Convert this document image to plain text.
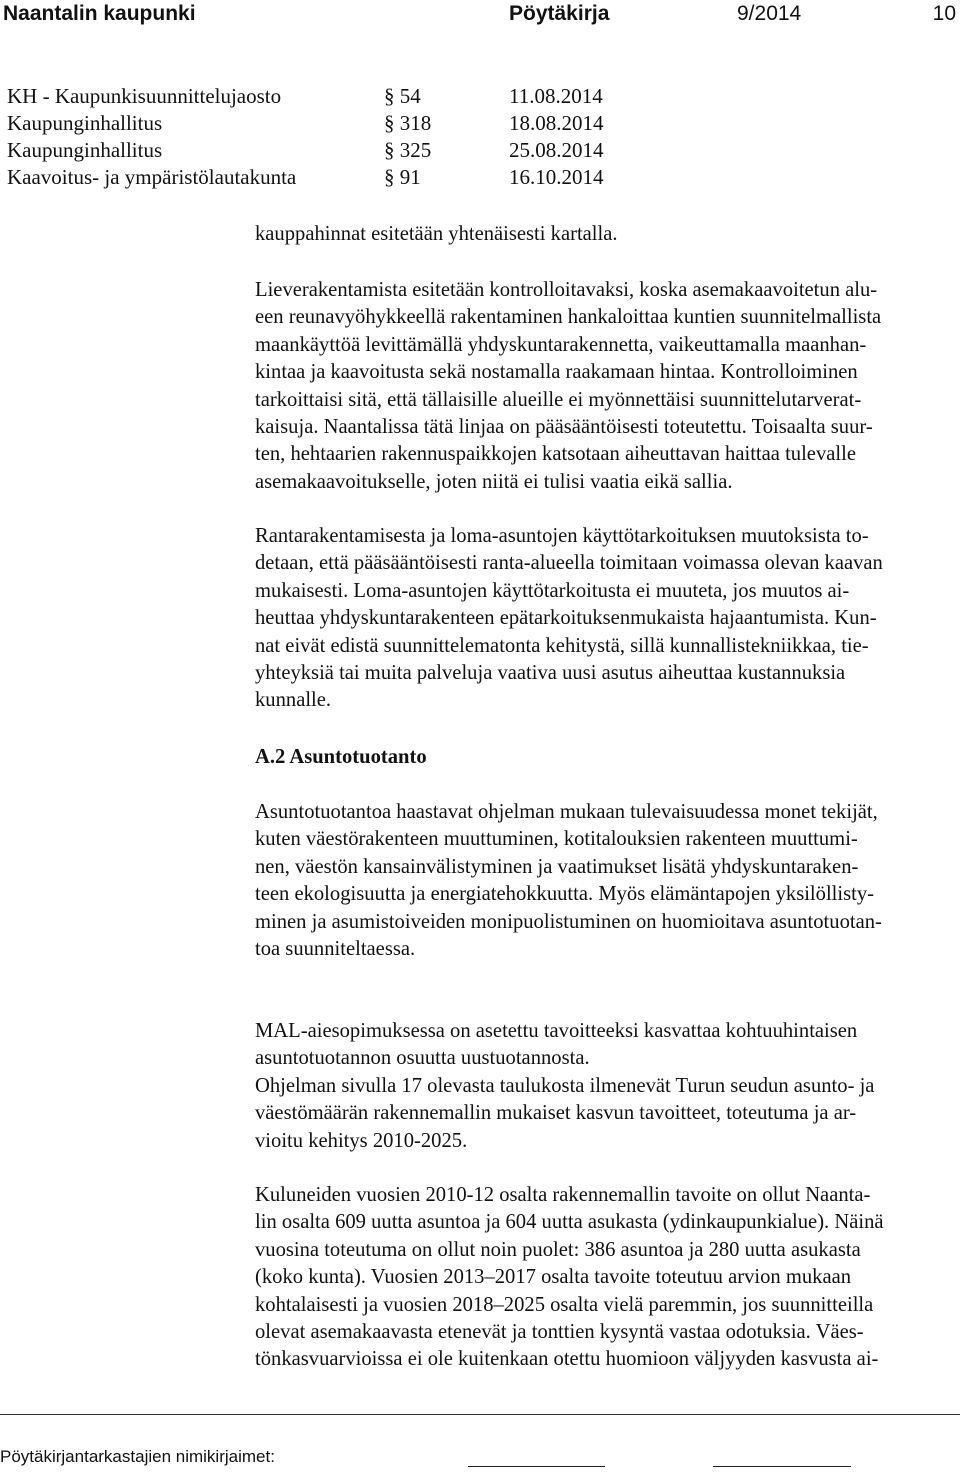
Naantalin kaupunki	Pöytäkirja	9/2014	10
KH - Kaupunkisuunnittelujaosto	§ 54	11.08.2014
Kaupunginhallitus	§ 318	18.08.2014
Kaupunginhallitus	§ 325	25.08.2014
Kaavoitus- ja ympäristölautakunta	§ 91	16.10.2014

kauppahinnat esitetään yhtenäisesti kartalla.

Lieverakentamista esitetään kontrolloitavaksi, koska asemakaavoitetun alu-
een reunavyöhykkeellä rakentaminen hankaloittaa kuntien suunnitelmallista
maankäyttöä levittämällä yhdyskuntarakennetta, vaikeuttamalla maanhan-
kintaa ja kaavoitusta sekä nostamalla raakamaan hintaa. Kontrolloiminen
tarkoittaisi sitä, että tällaisille alueille ei myönnettäisi suunnittelutarverat-
kaisuja. Naantalissa tätä linjaa on pääsääntöisesti toteutettu. Toisaalta suur-
ten, hehtaarien rakennuspaikkojen katsotaan aiheuttavan haittaa tulevalle
asemakaavoitukselle, joten niitä ei tulisi vaatia eikä sallia.

Rantarakentamisesta ja loma-asuntojen käyttötarkoituksen muutoksista to-
detaan, että pääsääntöisesti ranta-alueella toimitaan voimassa olevan kaavan
mukaisesti. Loma-asuntojen käyttötarkoitusta ei muuteta, jos muutos ai-
heuttaa yhdyskuntarakenteen epätarkoituksenmukaista hajaantumista. Kun-
nat eivät edistä suunnittelematonta kehitystä, sillä kunnallistekniikkaa, tie-
yhteyksiä tai muita palveluja vaativa uusi asutus aiheuttaa kustannuksia
kunnalle.

A.2 Asuntotuotanto

Asuntotuotantoa haastavat ohjelman mukaan tulevaisuudessa monet tekijät,
kuten väestörakenteen muuttuminen, kotitalouksien rakenteen muuttumi-
nen, väestön kansainvälistyminen ja vaatimukset lisätä yhdyskuntaraken-
teen ekologisuutta ja energiatehokkuutta. Myös elämäntapojen yksilöllisty-
minen ja asumistoiveiden monipuolistuminen on huomioitava asuntotuotan-
toa suunniteltaessa.

MAL-aiesopimuksessa on asetettu tavoitteeksi kasvattaa kohtuuhintaisen
asuntotuotannon osuutta uustuotannosta.

Ohjelman sivulla 17 olevasta taulukosta ilmenevät Turun seudun asunto- ja
väestömäärän rakennemallin mukaiset kasvun tavoitteet, toteutuma ja ar-
vioitu kehitys 2010-2025.

Kuluneiden vuosien 2010-12 osalta rakennemallin tavoite on ollut Naanta-
lin osalta 609 uutta asuntoa ja 604 uutta asukasta (ydinkaupunkialue). Näinä
vuosina toteutuma on ollut noin puolet: 386 asuntoa ja 280 uutta asukasta
(koko kunta). Vuosien 2013–2017 osalta tavoite toteutuu arvion mukaan
kohtalaisesti ja vuosien 2018–2025 osalta vielä paremmin, jos suunnitteilla
olevat asemakaavasta etenevät ja tonttien kysyntä vastaa odotuksia. Väes-
tönkasvuarvioissa ei ole kuitenkaan otettu huomioon väljyyden kasvusta ai-

Pöytäkirjantarkastajien nimikirjaimet:
